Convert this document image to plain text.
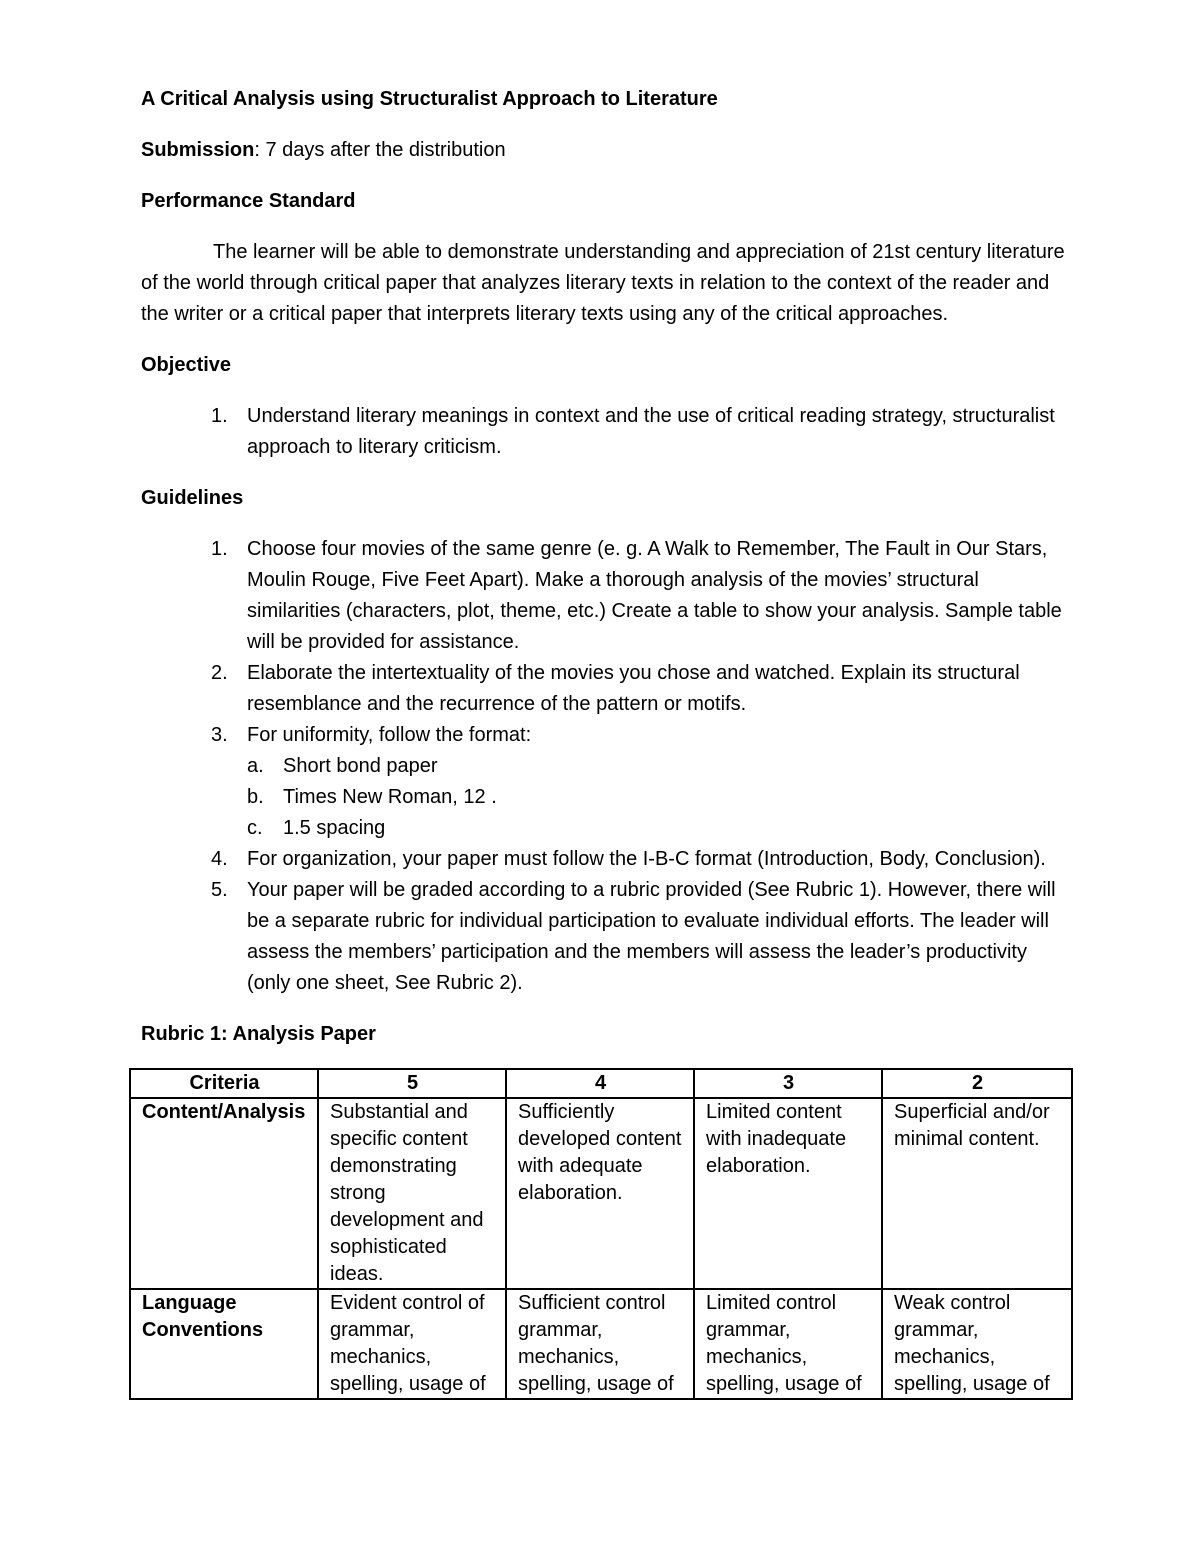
A Critical Analysis using Structuralist Approach to Literature
Submission: 7 days after the distribution
Performance Standard
The learner will be able to demonstrate understanding and appreciation of 21st century literature of the world through critical paper that analyzes literary texts in relation to the context of the reader and the writer or a critical paper that interprets literary texts using any of the critical approaches.
Objective
1. Understand literary meanings in context and the use of critical reading strategy, structuralist approach to literary criticism.
Guidelines
1. Choose four movies of the same genre (e. g. A Walk to Remember, The Fault in Our Stars, Moulin Rouge, Five Feet Apart). Make a thorough analysis of the movies’ structural similarities (characters, plot, theme, etc.) Create a table to show your analysis. Sample table will be provided for assistance.
2. Elaborate the intertextuality of the movies you chose and watched. Explain its structural resemblance and the recurrence of the pattern or motifs.
3. For uniformity, follow the format:
a. Short bond paper
b. Times New Roman, 12 .
c. 1.5 spacing
4. For organization, your paper must follow the I-B-C format (Introduction, Body, Conclusion).
5. Your paper will be graded according to a rubric provided (See Rubric 1). However, there will be a separate rubric for individual participation to evaluate individual efforts. The leader will assess the members’ participation and the members will assess the leader’s productivity (only one sheet, See Rubric 2).
Rubric 1: Analysis Paper
Criteria	5	4	3	2
Content/Analysis	Substantial and specific content demonstrating strong development and sophisticated ideas.	Sufficiently developed content with adequate elaboration.	Limited content with inadequate elaboration.	Superficial and/or minimal content.

Language Conventions	Evident control of grammar, mechanics, spelling, usage of	Sufficient control grammar, mechanics, spelling, usage of	Limited control grammar, mechanics, spelling, usage of	Weak control grammar, mechanics, spelling, usage of
